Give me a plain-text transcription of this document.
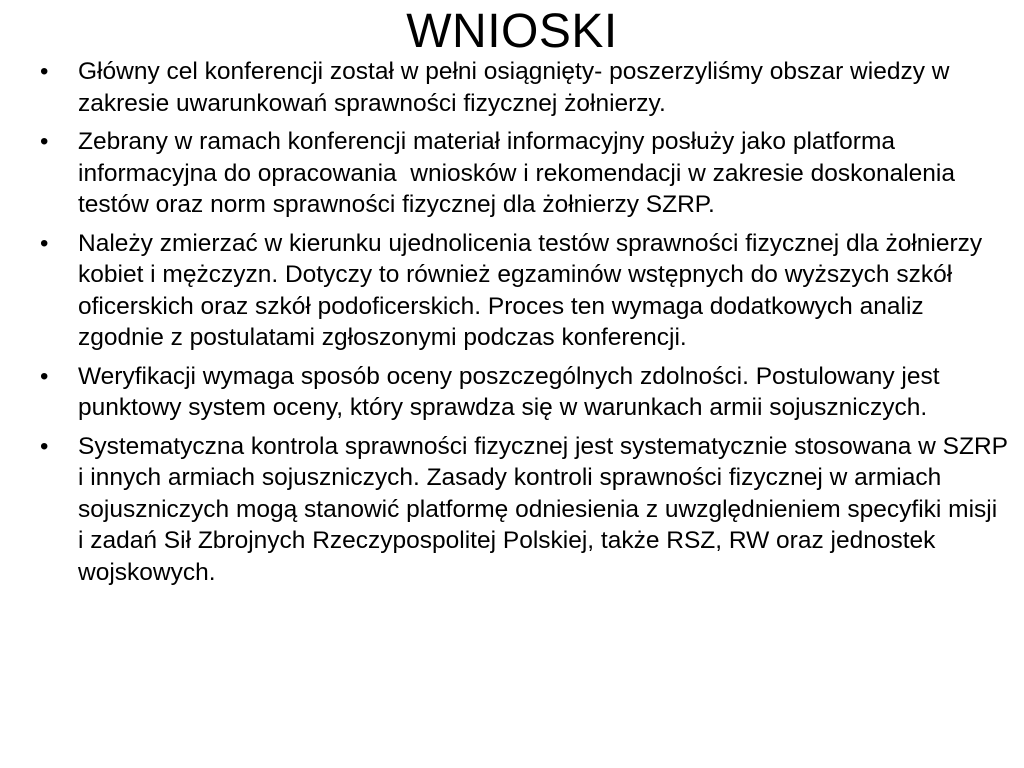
WNIOSKI
• Główny cel konferencji został w pełni osiągnięty- poszerzyliśmy obszar wiedzy w zakresie uwarunkowań sprawności fizycznej żołnierzy.
• Zebrany w ramach konferencji materiał informacyjny posłuży jako platforma informacyjna do opracowania  wniosków i rekomendacji w zakresie doskonalenia testów oraz norm sprawności fizycznej dla żołnierzy SZRP.
• Należy zmierzać w kierunku ujednolicenia testów sprawności fizycznej dla żołnierzy kobiet i mężczyzn. Dotyczy to również egzaminów wstępnych do wyższych szkół oficerskich oraz szkół podoficerskich. Proces ten wymaga dodatkowych analiz zgodnie z postulatami zgłoszonymi podczas konferencji.
• Weryfikacji wymaga sposób oceny poszczególnych zdolności. Postulowany jest punktowy system oceny, który sprawdza się w warunkach armii sojuszniczych.
• Systematyczna kontrola sprawności fizycznej jest systematycznie stosowana w SZRP i innych armiach sojuszniczych. Zasady kontroli sprawności fizycznej w armiach sojuszniczych mogą stanowić platformę odniesienia z uwzględnieniem specyfiki misji i zadań Sił Zbrojnych Rzeczypospolitej Polskiej, także RSZ, RW oraz jednostek wojskowych.
